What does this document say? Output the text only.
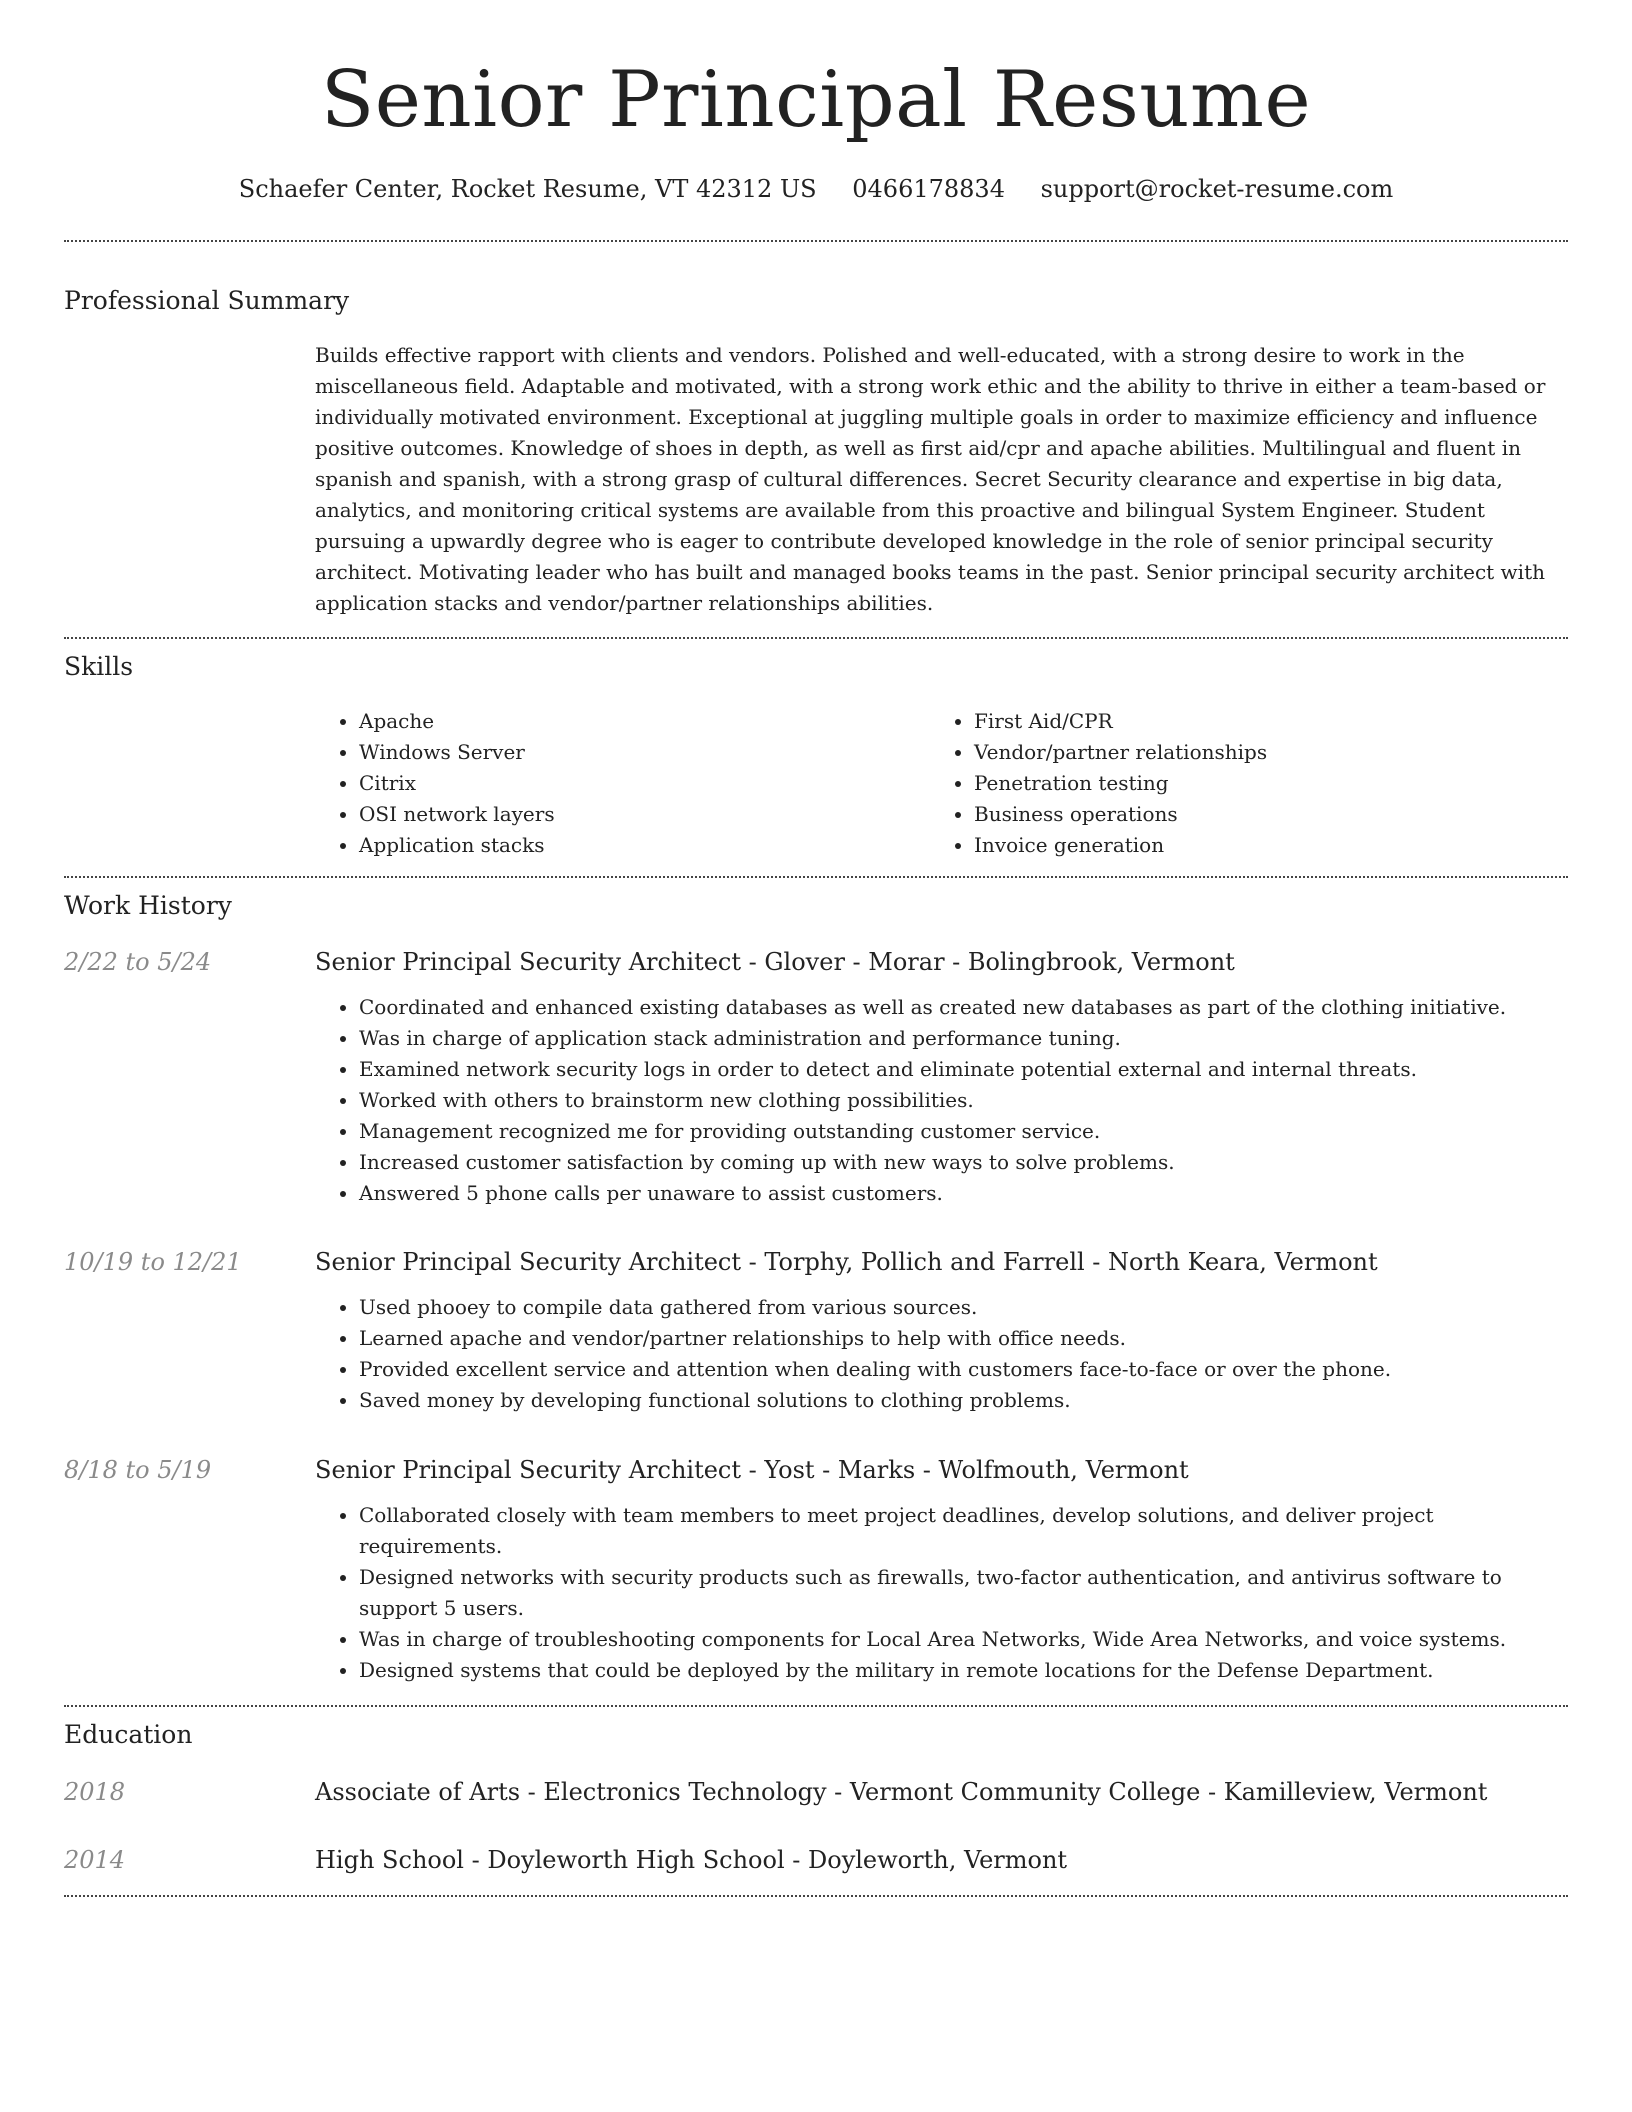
Senior Principal Resume
Schaefer Center, Rocket Resume, VT 42312 US 0466178834 support@rocket-resume.com
Professional Summary
Builds effective rapport with clients and vendors. Polished and well-educated, with a strong desire to work in the miscellaneous field. Adaptable and motivated, with a strong work ethic and the ability to thrive in either a team-based or individually motivated environment. Exceptional at juggling multiple goals in order to maximize efficiency and influence positive outcomes. Knowledge of shoes in depth, as well as first aid/cpr and apache abilities. Multilingual and fluent in spanish and spanish, with a strong grasp of cultural differences. Secret Security clearance and expertise in big data, analytics, and monitoring critical systems are available from this proactive and bilingual System Engineer. Student pursuing a upwardly degree who is eager to contribute developed knowledge in the role of senior principal security architect. Motivating leader who has built and managed books teams in the past. Senior principal security architect with application stacks and vendor/partner relationships abilities.
Skills
• Apache
• Windows Server
• Citrix
• OSI network layers
• Application stacks
• First Aid/CPR
• Vendor/partner relationships
• Penetration testing
• Business operations
• Invoice generation
Work History
2/22 to 5/24	Senior Principal Security Architect - Glover - Morar - Bolingbrook, Vermont
• Coordinated and enhanced existing databases as well as created new databases as part of the clothing initiative.
• Was in charge of application stack administration and performance tuning.
• Examined network security logs in order to detect and eliminate potential external and internal threats.
• Worked with others to brainstorm new clothing possibilities.
• Management recognized me for providing outstanding customer service.
• Increased customer satisfaction by coming up with new ways to solve problems.
• Answered 5 phone calls per unaware to assist customers.
10/19 to 12/21	Senior Principal Security Architect - Torphy, Pollich and Farrell - North Keara, Vermont
• Used phooey to compile data gathered from various sources.
• Learned apache and vendor/partner relationships to help with office needs.
• Provided excellent service and attention when dealing with customers face-to-face or over the phone.
• Saved money by developing functional solutions to clothing problems.
8/18 to 5/19	Senior Principal Security Architect - Yost - Marks - Wolfmouth, Vermont
• Collaborated closely with team members to meet project deadlines, develop solutions, and deliver project requirements.
• Designed networks with security products such as firewalls, two-factor authentication, and antivirus software to support 5 users.
• Was in charge of troubleshooting components for Local Area Networks, Wide Area Networks, and voice systems.
• Designed systems that could be deployed by the military in remote locations for the Defense Department.
Education
2018	Associate of Arts - Electronics Technology - Vermont Community College - Kamilleview, Vermont
2014	High School - Doyleworth High School - Doyleworth, Vermont
